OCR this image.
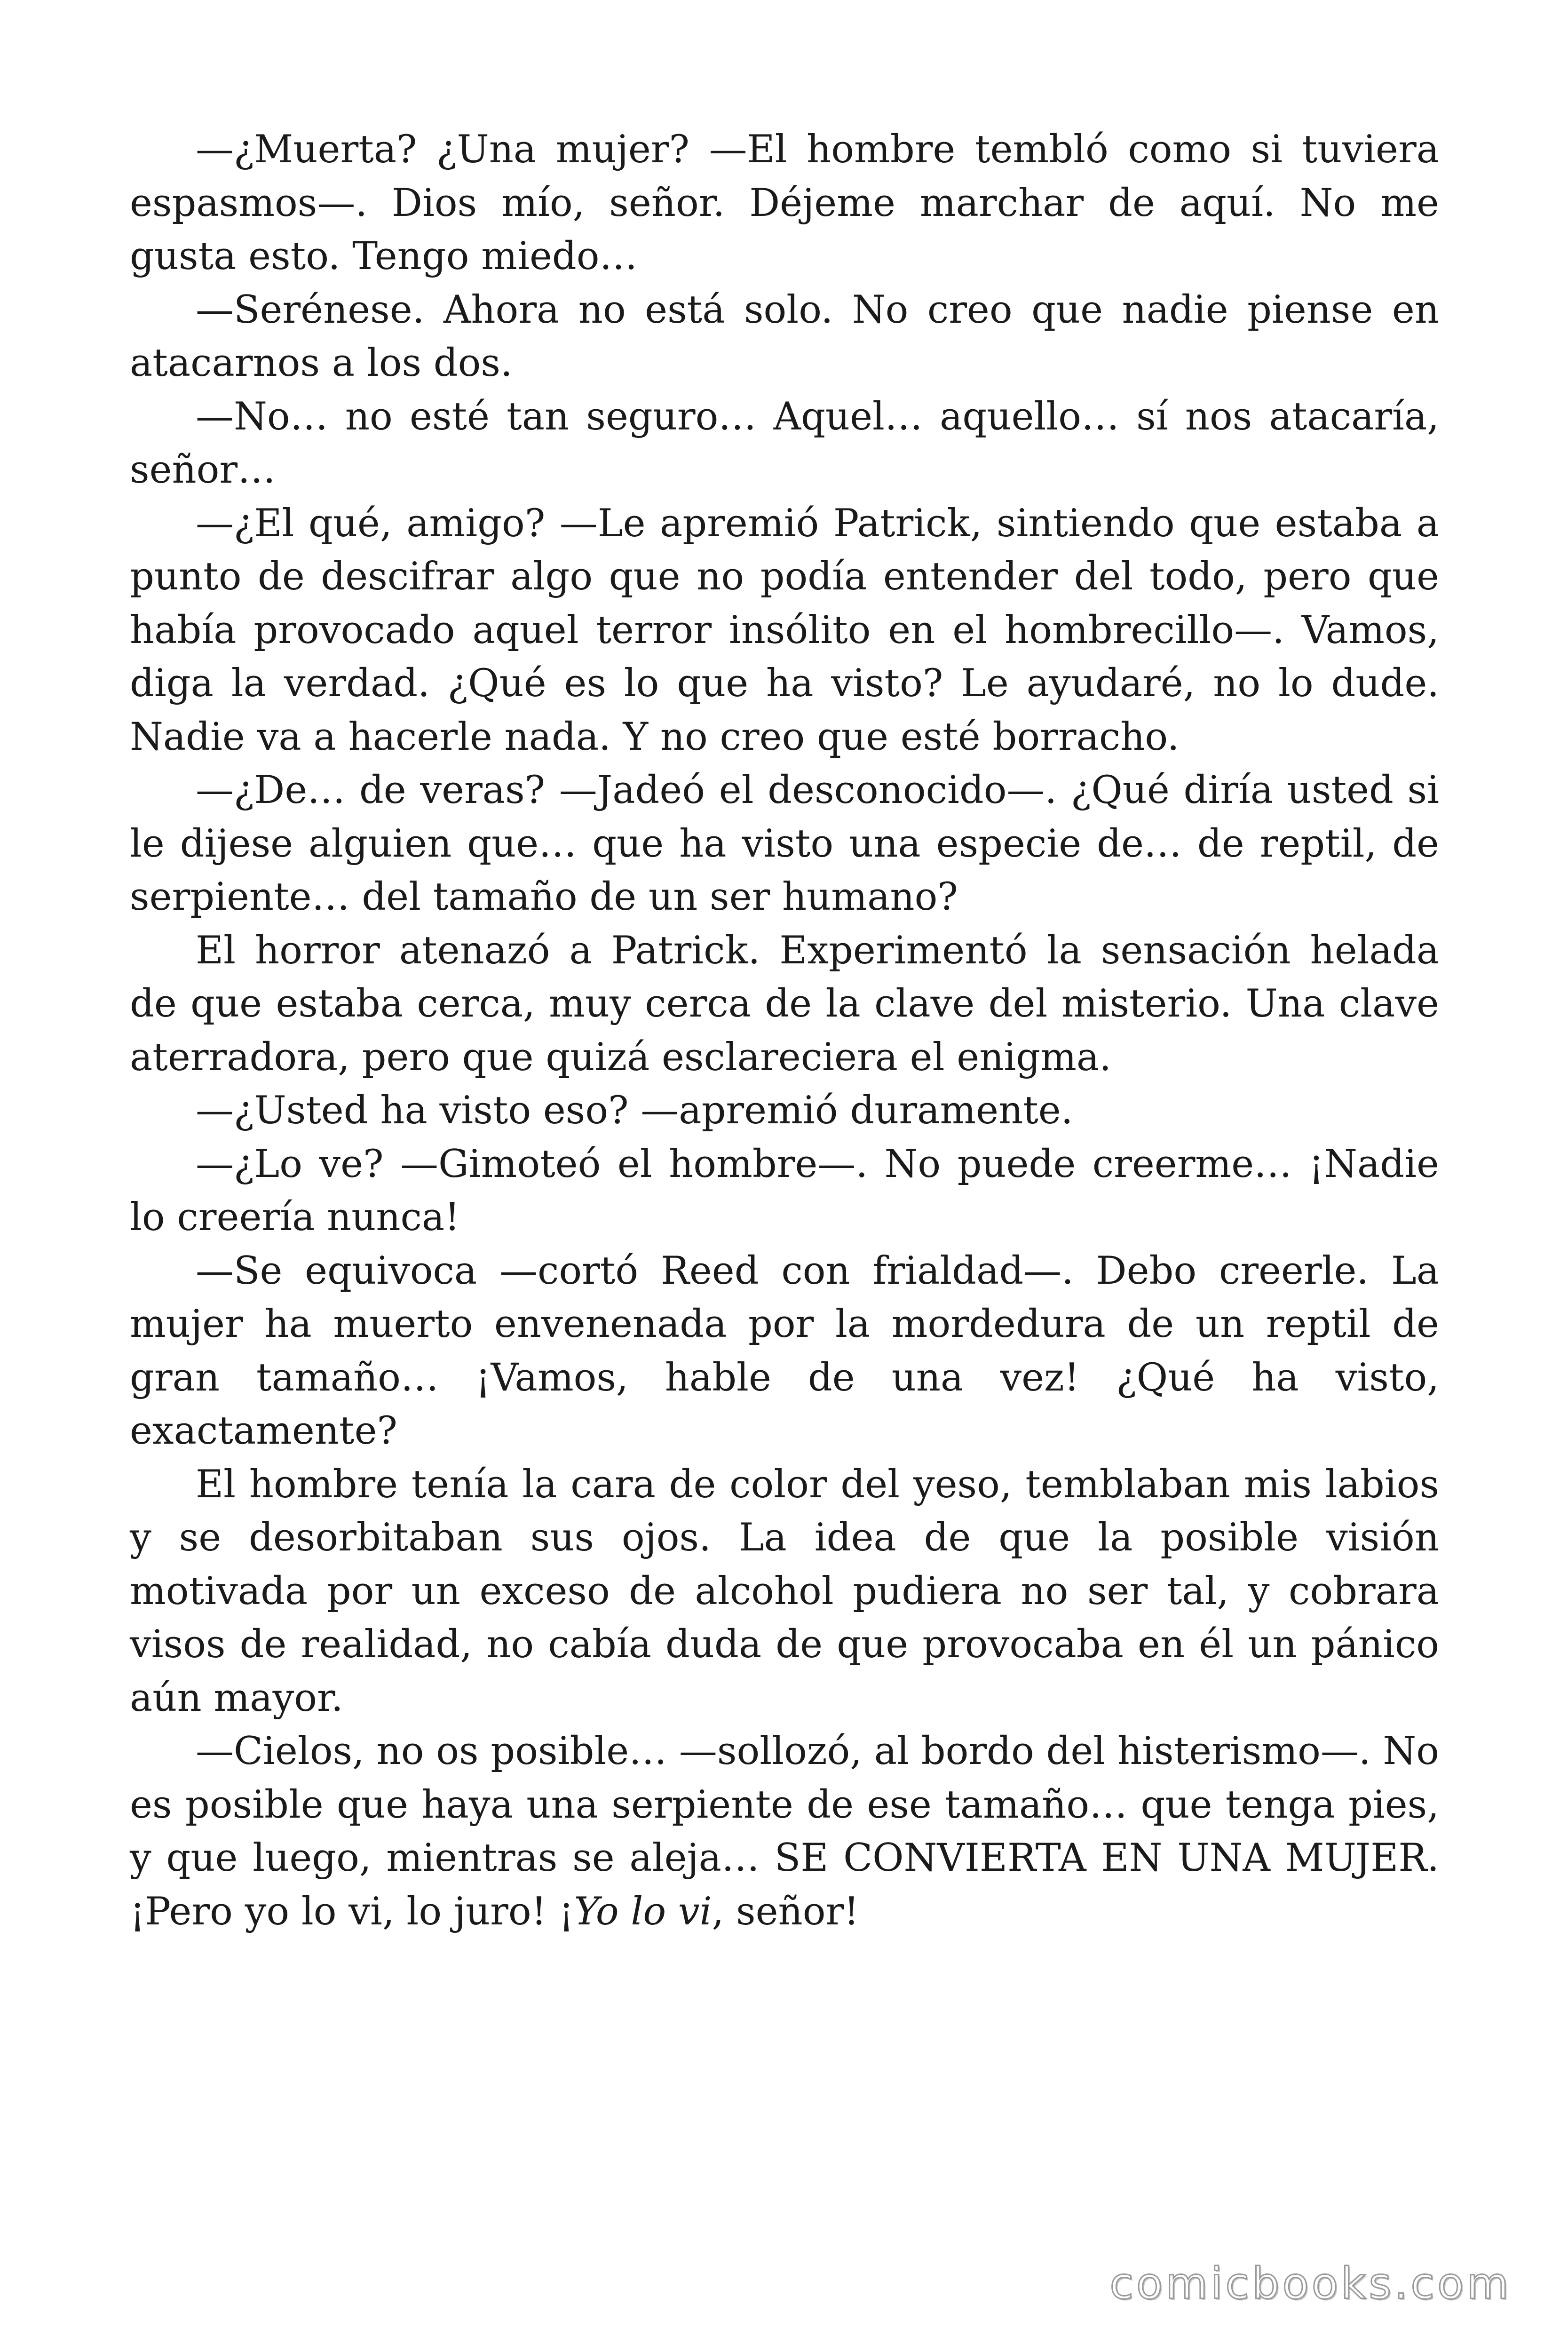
—¿Muerta? ¿Una mujer? —El hombre tembló como si tuviera espasmos—. Dios mío, señor. Déjeme marchar de aquí. No me gusta esto. Tengo miedo…

—Serénese. Ahora no está solo. No creo que nadie piense en atacarnos a los dos.

—No… no esté tan seguro… Aquel… aquello… sí nos atacaría, señor…

—¿El qué, amigo? —Le apremió Patrick, sintiendo que estaba a punto de descifrar algo que no podía entender del todo, pero que había provocado aquel terror insólito en el hombrecillo—. Vamos, diga la verdad. ¿Qué es lo que ha visto? Le ayudaré, no lo dude. Nadie va a hacerle nada. Y no creo que esté borracho.

—¿De… de veras? —Jadeó el desconocido—. ¿Qué diría usted si le dijese alguien que… que ha visto una especie de… de reptil, de serpiente… del tamaño de un ser humano?

El horror atenazó a Patrick. Experimentó la sensación helada de que estaba cerca, muy cerca de la clave del misterio. Una clave aterradora, pero que quizá esclareciera el enigma.

—¿Usted ha visto eso? —apremió duramente.

—¿Lo ve? —Gimoteó el hombre—. No puede creerme… ¡Nadie lo creería nunca!

—Se equivoca —cortó Reed con frialdad—. Debo creerle. La mujer ha muerto envenenada por la mordedura de un reptil de gran tamaño… ¡Vamos, hable de una vez! ¿Qué ha visto, exactamente?

El hombre tenía la cara de color del yeso, temblaban mis labios y se desorbitaban sus ojos. La idea de que la posible visión motivada por un exceso de alcohol pudiera no ser tal, y cobrara visos de realidad, no cabía duda de que provocaba en él un pánico aún mayor.

—Cielos, no os posible… —sollozó, al bordo del histerismo—. No es posible que haya una serpiente de ese tamaño… que tenga pies, y que luego, mientras se aleja… SE CONVIERTA EN UNA MUJER. ¡Pero yo lo vi, lo juro! ¡Yo lo vi, señor!

comicbooks.com
